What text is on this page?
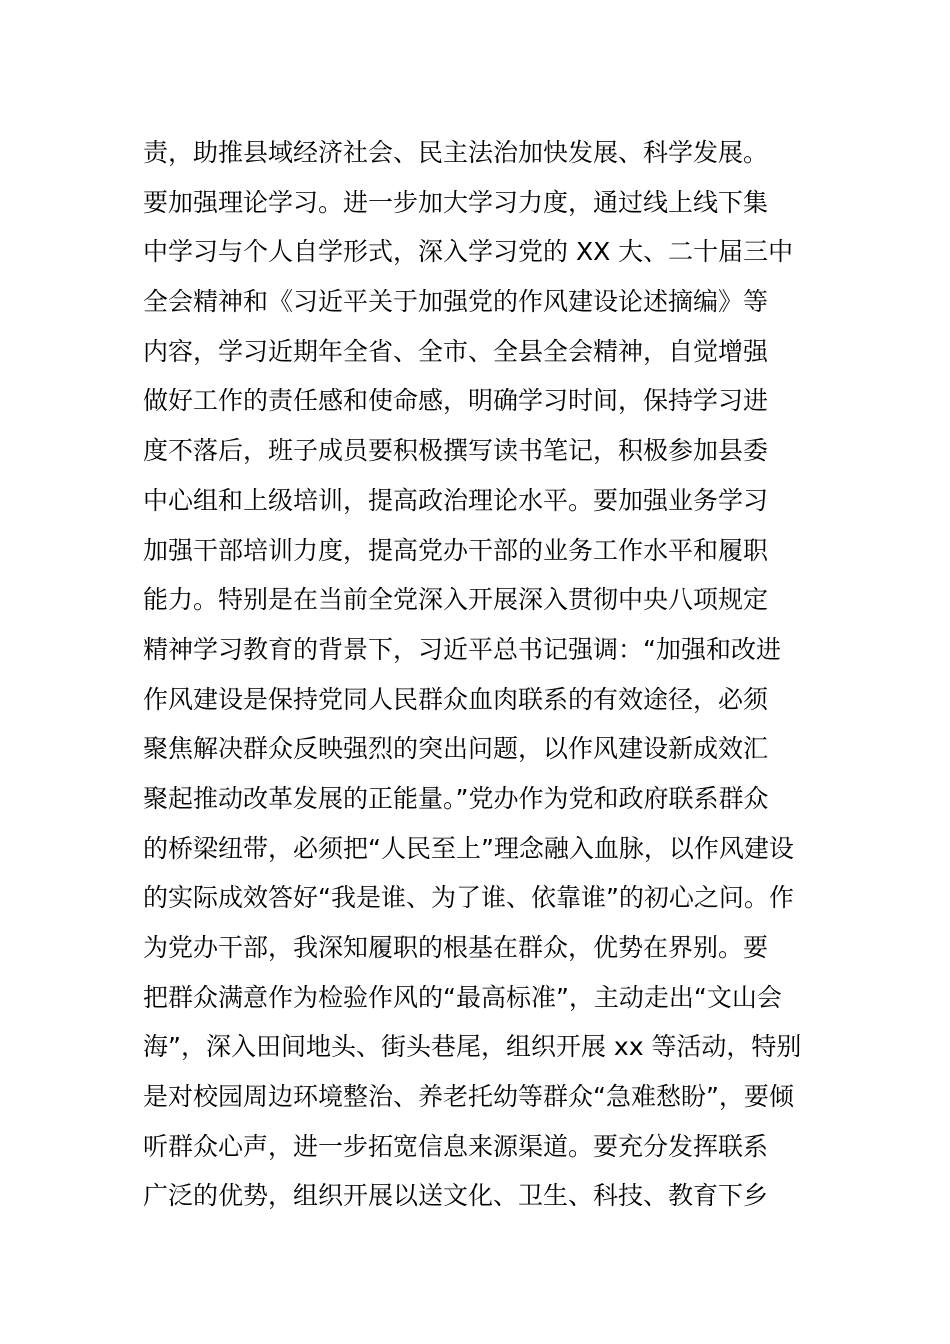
责，助推县域经济社会、民主法治加快发展、科学发展。
要加强理论学习。进一步加大学习力度，通过线上线下集
中学习与个人自学形式，深入学习党的 XX 大、二十届三中
全会精神和《习近平关于加强党的作风建设论述摘编》等
内容，学习近期年全省、全市、全县全会精神，自觉增强
做好工作的责任感和使命感，明确学习时间，保持学习进
度不落后，班子成员要积极撰写读书笔记，积极参加县委
中心组和上级培训，提高政治理论水平。要加强业务学习
加强干部培训力度，提高党办干部的业务工作水平和履职
能力。特别是在当前全党深入开展深入贯彻中央八项规定
精神学习教育的背景下，习近平总书记强调：“加强和改进
作风建设是保持党同人民群众血肉联系的有效途径，必须
聚焦解决群众反映强烈的突出问题，以作风建设新成效汇
聚起推动改革发展的正能量。”党办作为党和政府联系群众
的桥梁纽带，必须把“人民至上”理念融入血脉，以作风建设
的实际成效答好“我是谁、为了谁、依靠谁”的初心之问。作
为党办干部，我深知履职的根基在群众，优势在界别。要
把群众满意作为检验作风的“最高标准”，主动走出“文山会
海”，深入田间地头、街头巷尾，组织开展 xx 等活动，特别
是对校园周边环境整治、养老托幼等群众“急难愁盼”，要倾
听群众心声，进一步拓宽信息来源渠道。要充分发挥联系
广泛的优势，组织开展以送文化、卫生、科技、教育下乡
